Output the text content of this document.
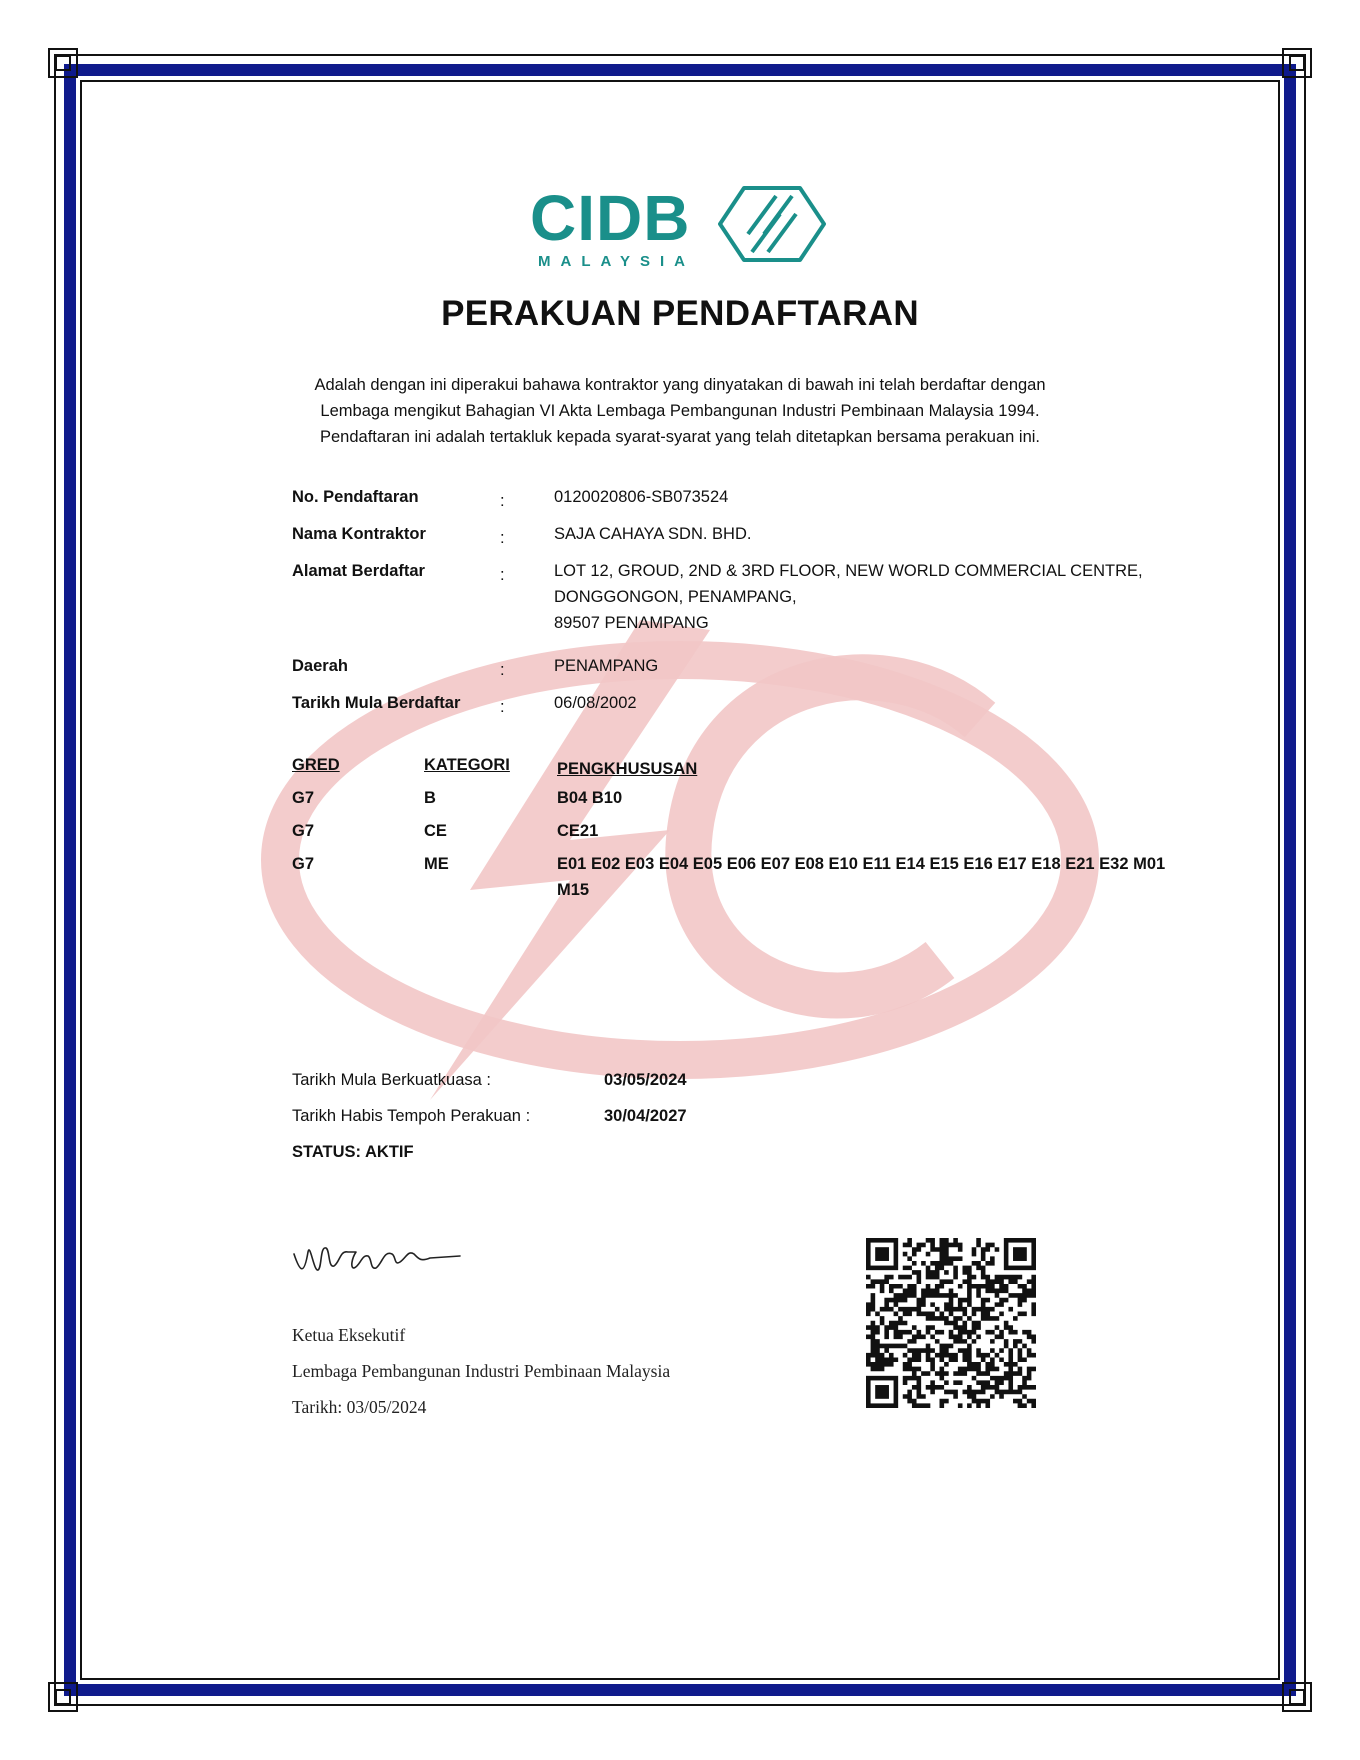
CIDB
MALAYSIA
PERAKUAN PENDAFTARAN
Adalah dengan ini diperakui bahawa kontraktor yang dinyatakan di bawah ini telah berdaftar dengan
Lembaga mengikut Bahagian VI Akta Lembaga Pembangunan Industri Pembinaan Malaysia 1994.
Pendaftaran ini adalah tertakluk kepada syarat-syarat yang telah ditetapkan bersama perakuan ini.
No. Pendaftaran	:	0120020806-SB073524
Nama Kontraktor	:	SAJA CAHAYA SDN. BHD.
Alamat Berdaftar	:	LOT 12, GROUD, 2ND & 3RD FLOOR, NEW WORLD COMMERCIAL CENTRE,
DONGGONGON, PENAMPANG,
89507 PENAMPANG
Daerah	:	PENAMPANG
Tarikh Mula Berdaftar :	06/08/2002
GRED	KATEGORI	PENGKHUSUSAN
G7	B	B04 B10
G7	CE	CE21
G7	ME	E01 E02 E03 E04 E05 E06 E07 E08 E10 E11 E14 E15 E16 E17 E18 E21 E32 M01 M15
Tarikh Mula Berkuatkuasa :	03/05/2024
Tarikh Habis Tempoh Perakuan :	30/04/2027
STATUS: AKTIF
Ketua Eksekutif
Lembaga Pembangunan Industri Pembinaan Malaysia
Tarikh: 03/05/2024
